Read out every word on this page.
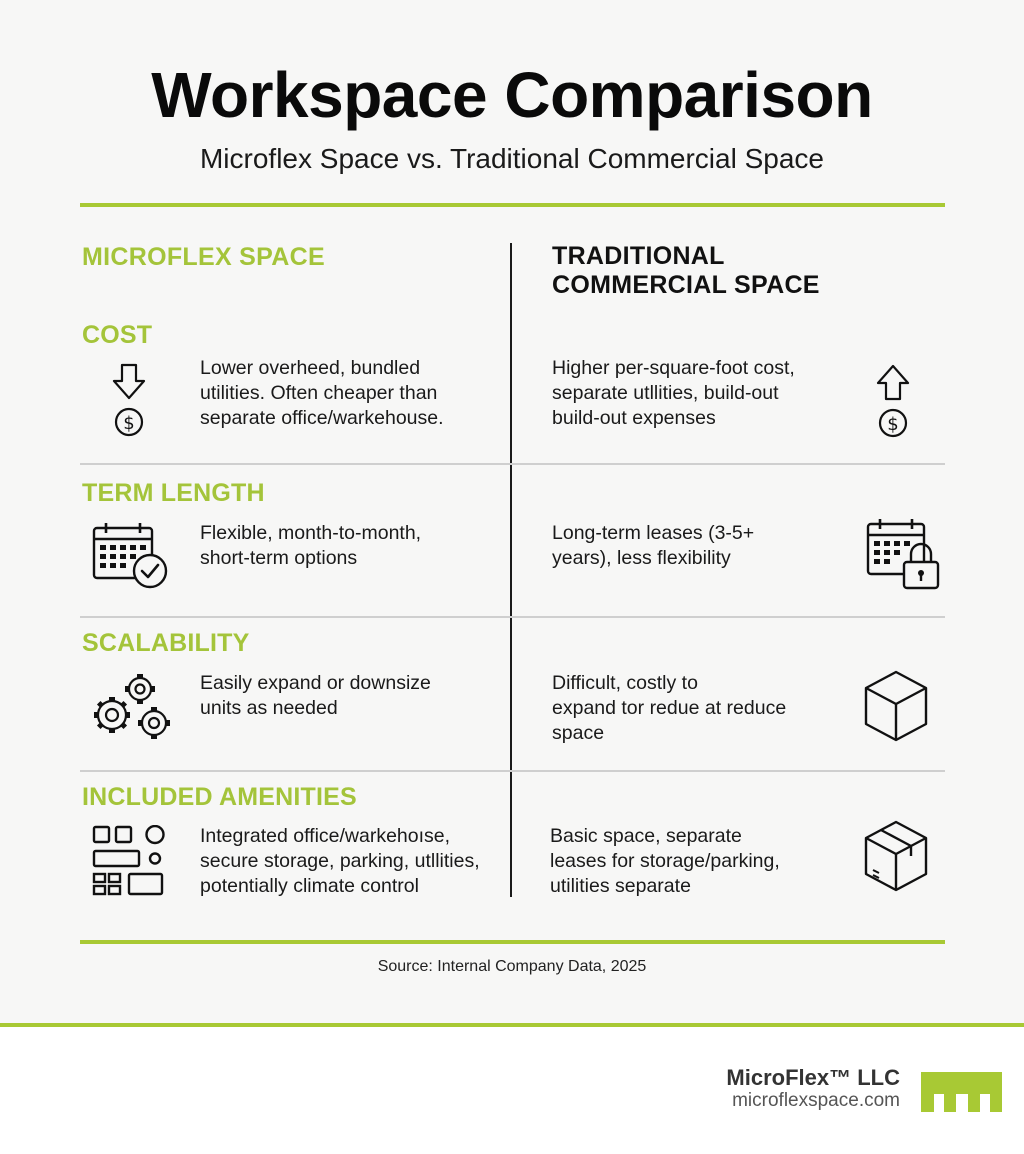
Workspace Comparison
Microflex Space vs. Traditional Commercial Space
MICROFLEX SPACE	TRADITIONAL
COMMERCIAL SPACE
COST
$
Lower overheed, bundled
utilities. Often cheaper than
separate office/warkehouse.
Higher per-square-foot cost,
separate utllities, build-out
build-out expenses	$
TERM LENGTH
Flexible, month-to-month,
short-term options
Long-term leases (3-5+
years), less flexibility
SCALABILITY
Easily expand or downsize
units as needed
Difficult, costly to
expand tor redue at reduce
space
INCLUDED AMENITIES
Integrated office/warkehoıse,
secure storage, parking, utllities,
potentially climate control
Basic space, separate
leases for storage/parking,
utilities separate
Source: Internal Company Data, 2025
MicroFlex™ LLC
microflexspace.com
